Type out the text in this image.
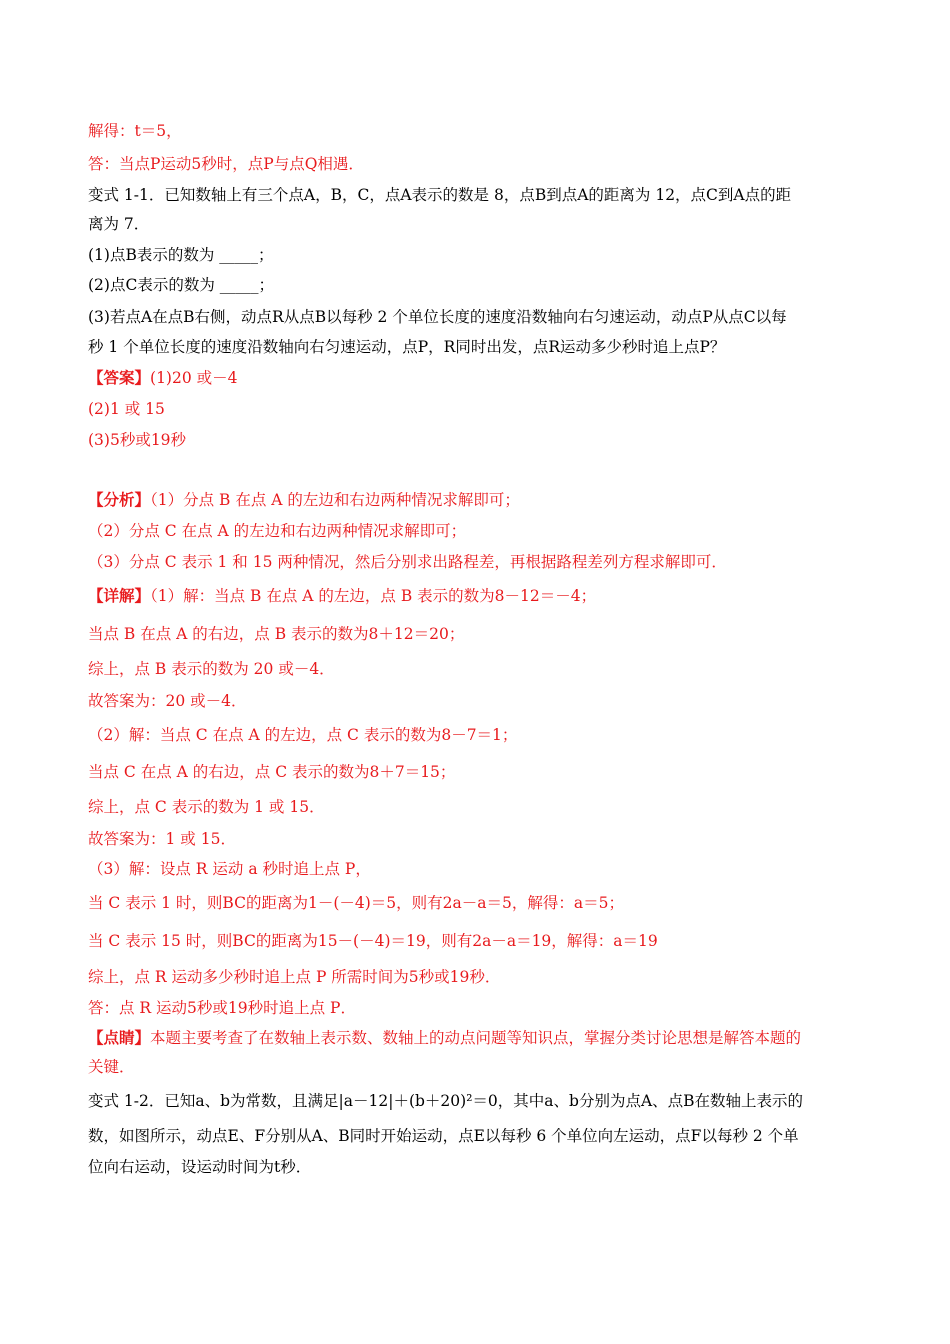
解得：t＝5，
答：当点P运动5秒时，点P与点Q相遇．
变式 1-1．已知数轴上有三个点A，B，C，点A表示的数是 8，点B到点A的距离为 12，点C到A点的距
离为 7．
(1)点B表示的数为 _____；
(2)点C表示的数为 _____；
(3)若点A在点B右侧，动点R从点B以每秒 2 个单位长度的速度沿数轴向右匀速运动，动点P从点C以每
秒 1 个单位长度的速度沿数轴向右匀速运动，点P，R同时出发，点R运动多少秒时追上点P？
【答案】(1)20 或－4
(2)1 或 15
(3)5秒或19秒
【分析】（1）分点 B 在点 A 的左边和右边两种情况求解即可；
（2）分点 C 在点 A 的左边和右边两种情况求解即可；
（3）分点 C 表示 1 和 15 两种情况，然后分别求出路程差，再根据路程差列方程求解即可．
【详解】（1）解：当点 B 在点 A 的左边，点 B 表示的数为8－12＝－4；
当点 B 在点 A 的右边，点 B 表示的数为8＋12＝20；
综上，点 B 表示的数为 20 或－4．
故答案为：20 或－4．
（2）解：当点 C 在点 A 的左边，点 C 表示的数为8－7＝1；
当点 C 在点 A 的右边，点 C 表示的数为8＋7＝15；
综上，点 C 表示的数为 1 或 15．
故答案为：1 或 15．
（3）解：设点 R 运动 a 秒时追上点 P，
当 C 表示 1 时，则BC的距离为1－(－4)＝5，则有2a－a＝5，解得：a＝5；
当 C 表示 15 时，则BC的距离为15－(－4)＝19，则有2a－a＝19，解得：a＝19
综上，点 R 运动多少秒时追上点 P 所需时间为5秒或19秒．
答：点 R 运动5秒或19秒时追上点 P．
【点睛】本题主要考查了在数轴上表示数、数轴上的动点问题等知识点，掌握分类讨论思想是解答本题的
关键．
变式 1-2．已知a、b为常数，且满足|a－12|＋(b＋20)²＝0，其中a、b分别为点A、点B在数轴上表示的
数，如图所示，动点E、F分别从A、B同时开始运动，点E以每秒 6 个单位向左运动，点F以每秒 2 个单
位向右运动，设运动时间为t秒．
